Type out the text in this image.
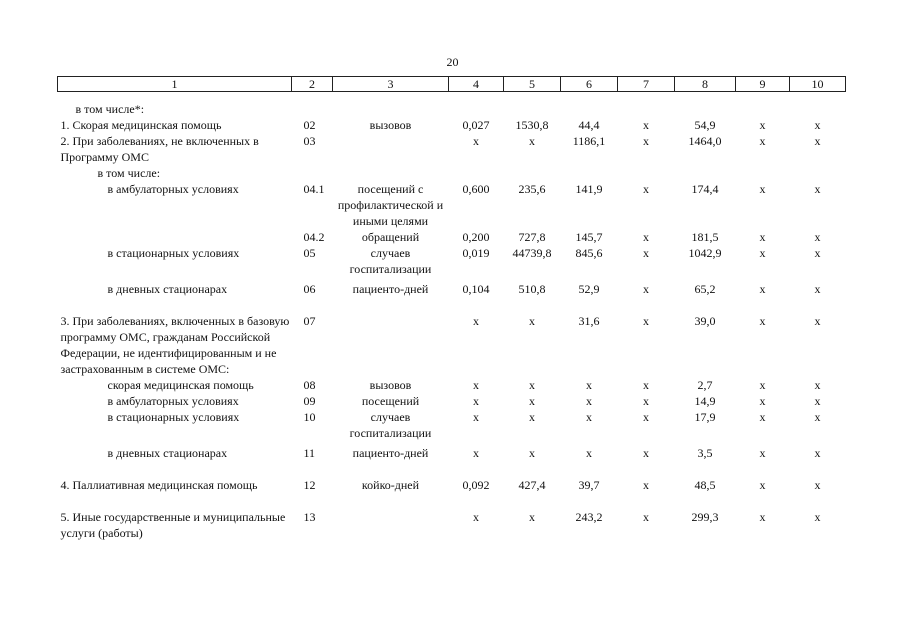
20
1	2	3	4	5	6	7	8	9	10
в том числе*:									
1. Скорая медицинская помощь	02	вызовов	0,027	1530,8	44,4	x	54,9	x	x
2. При заболеваниях, не включенных в Программу ОМС	03		x	x	1186,1	x	1464,0	x	x
в том числе:									
в амбулаторных условиях	04.1	посещений с профилактической и иными целями	0,600	235,6	141,9	x	174,4	x	x
	04.2	обращений	0,200	727,8	145,7	x	181,5	x	x
в стационарных условиях	05	случаев госпитализации	0,019	44739,8	845,6	x	1042,9	x	x
в дневных стационарах	06	пациенто-дней	0,104	510,8	52,9	x	65,2	x	x
3. При заболеваниях, включенных в базовую программу ОМС, гражданам Российской Федерации, не идентифицированным и не застрахованным в системе ОМС:	07		x	x	31,6	x	39,0	x	x
скорая медицинская помощь	08	вызовов	x	x	x	x	2,7	x	x
в амбулаторных условиях	09	посещений	x	x	x	x	14,9	x	x
в стационарных условиях	10	случаев госпитализации	x	x	x	x	17,9	x	x
в дневных стационарах	11	пациенто-дней	x	x	x	x	3,5	x	x
4. Паллиативная медицинская помощь	12	койко-дней	0,092	427,4	39,7	x	48,5	x	x
5. Иные государственные и муниципальные услуги (работы)	13		x	x	243,2	x	299,3	x	x
